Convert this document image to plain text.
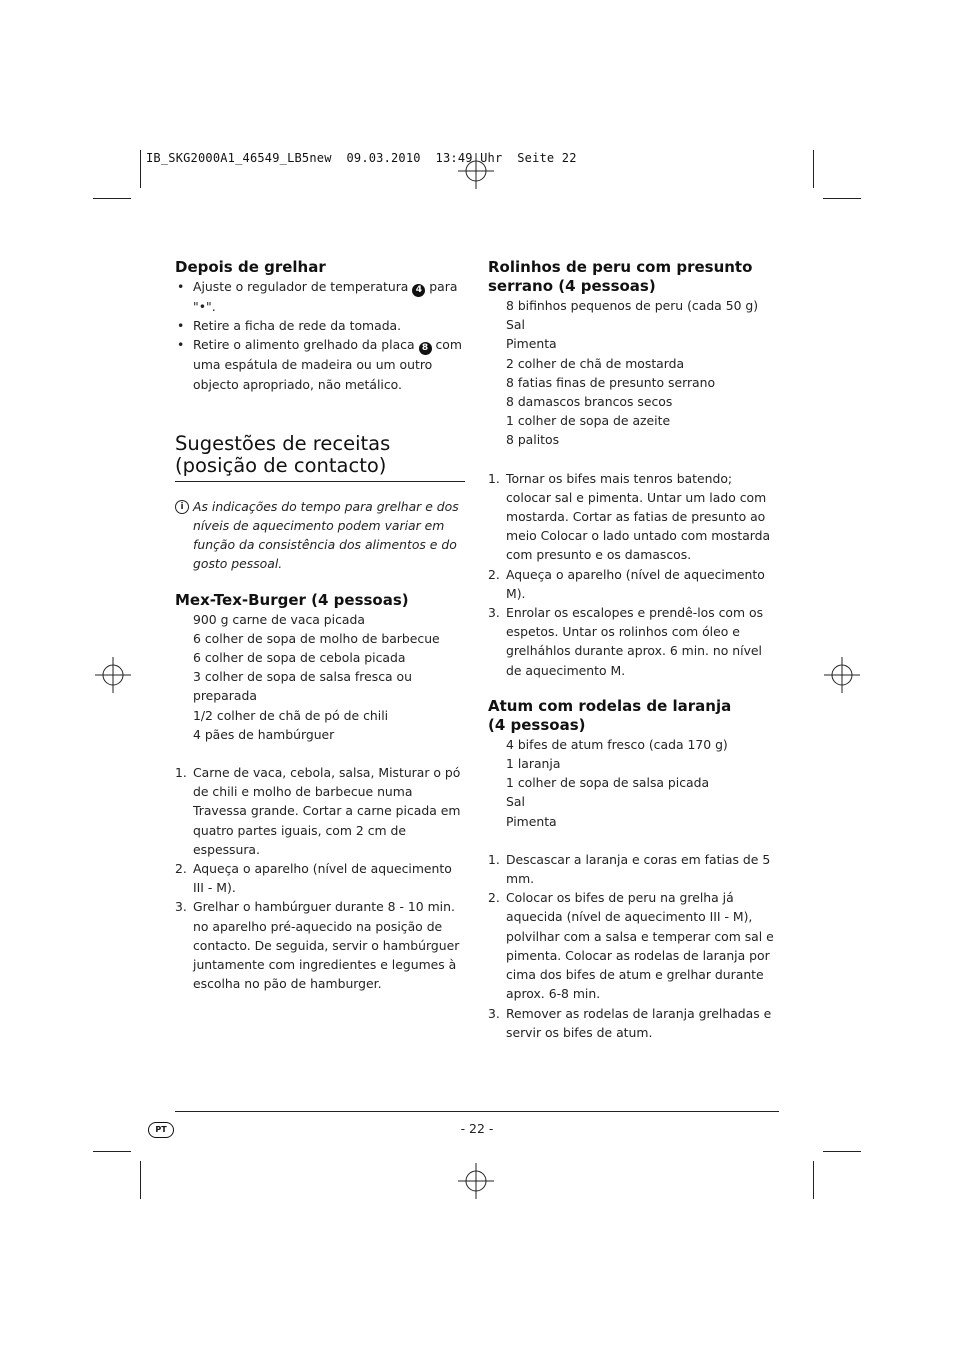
IB_SKG2000A1_46549_LB5new  09.03.2010  13:49 Uhr  Seite 22
Depois de grelhar
• Ajuste o regulador de temperatura 4 para "•".
• Retire a ficha de rede da tomada.
• Retire o alimento grelhado da placa 8 com uma espátula de madeira ou um outro objecto apropriado, não metálico.
Sugestões de receitas
(posição de contacto)
i As indicações do tempo para grelhar e dos níveis de aquecimento podem variar em função da consistência dos alimentos e do gosto pessoal.
Mex-Tex-Burger (4 pessoas)
900 g carne de vaca picada
6 colher de sopa de molho de barbecue
6 colher de sopa de cebola picada
3 colher de sopa de salsa fresca ou preparada
1/2 colher de chã de pó de chili
4 pães de hambúrguer
1. Carne de vaca, cebola, salsa, Misturar o pó de chili e molho de barbecue numa Travessa grande. Cortar a carne picada em quatro partes iguais, com 2 cm de espessura.
2. Aqueça o aparelho (nível de aquecimento III - M).
3. Grelhar o hambúrguer durante 8 - 10 min. no aparelho pré-aquecido na posição de contacto. De seguida, servir o hambúrguer juntamente com ingredientes e legumes à escolha no pão de hamburger.
Rolinhos de peru com presunto
serrano (4 pessoas)
8 bifinhos pequenos de peru (cada 50 g)
Sal
Pimenta
2 colher de chã de mostarda
8 fatias finas de presunto serrano
8 damascos brancos secos
1 colher de sopa de azeite
8 palitos
1. Tornar os bifes mais tenros batendo; colocar sal e pimenta. Untar um lado com mostarda. Cortar as fatias de presunto ao meio Colocar o lado untado com mostarda com presunto e os damascos.
2. Aqueça o aparelho (nível de aquecimento M).
3. Enrolar os escalopes e prendê-los com os espetos. Untar os rolinhos com óleo e grelháhlos durante aprox. 6 min. no nível de aquecimento M.
Atum com rodelas de laranja
(4 pessoas)
4 bifes de atum fresco (cada 170 g)
1 laranja
1 colher de sopa de salsa picada
Sal
Pimenta
1. Descascar a laranja e coras em fatias de 5 mm.
2. Colocar os bifes de peru na grelha já aquecida (nível de aquecimento III - M), polvilhar com a salsa e temperar com sal e pimenta. Colocar as rodelas de laranja por cima dos bifes de atum e grelhar durante aprox. 6-8 min.
3. Remover as rodelas de laranja grelhadas e servir os bifes de atum.
PT	- 22 -
